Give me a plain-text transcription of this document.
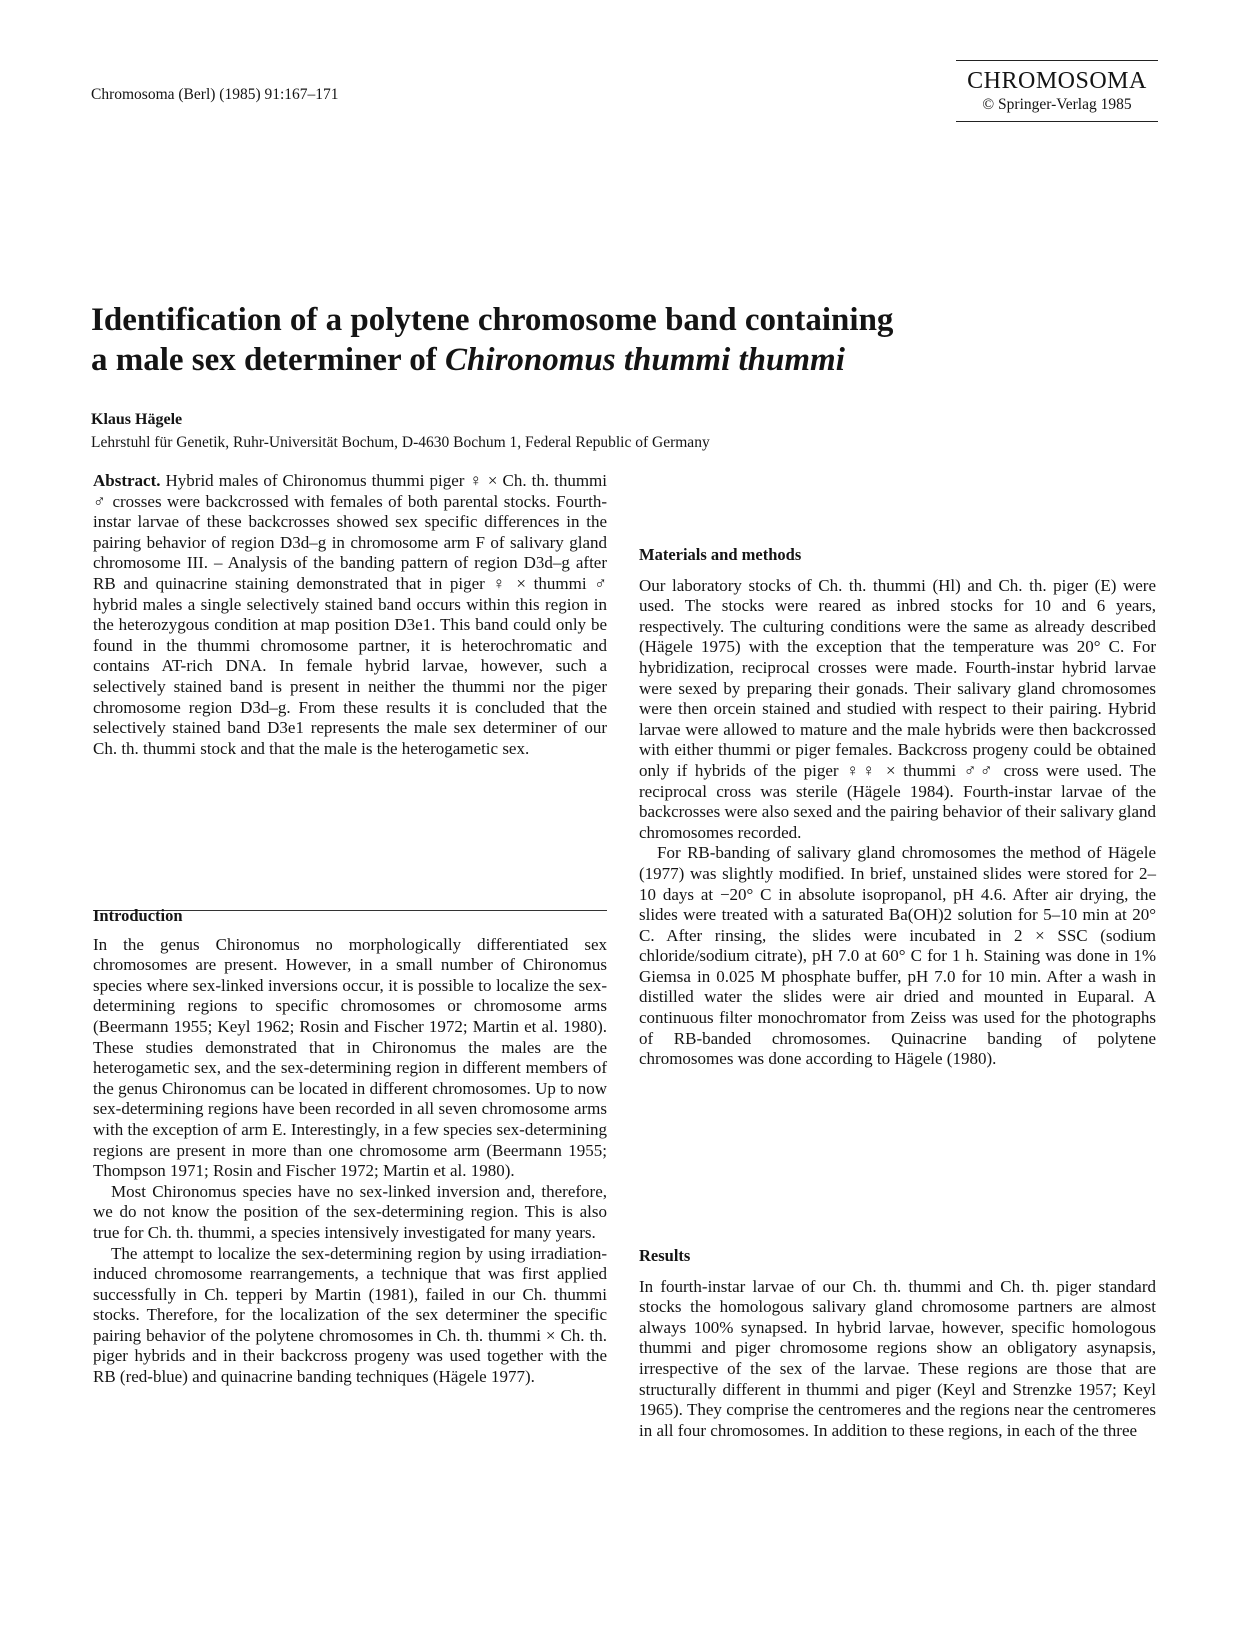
Chromosoma (Berl) (1985) 91:167–171
CHROMOSOMA
© Springer-Verlag 1985
Identification of a polytene chromosome band containing
a male sex determiner of Chironomus thummi thummi
Klaus Hägele
Lehrstuhl für Genetik, Ruhr-Universität Bochum, D-4630 Bochum 1, Federal Republic of Germany

Abstract. Hybrid males of Chironomus thummi piger ♀ × Ch. th. thummi ♂ crosses were backcrossed with females of both parental stocks. Fourth-instar larvae of these backcrosses showed sex specific differences in the pairing behavior of region D3d–g in chromosome arm F of salivary gland chromosome III. – Analysis of the banding pattern of region D3d–g after RB and quinacrine staining demonstrated that in piger ♀ × thummi ♂ hybrid males a single selectively stained band occurs within this region in the heterozygous condition at map position D3e1. This band could only be found in the thummi chromosome partner, it is heterochromatic and contains AT-rich DNA. In female hybrid larvae, however, such a selectively stained band is present in neither the thummi nor the piger chromosome region D3d–g. From these results it is concluded that the selectively stained band D3e1 represents the male sex determiner of our Ch. th. thummi stock and that the male is the heterogametic sex.

Introduction

In the genus Chironomus no morphologically differentiated sex chromosomes are present. However, in a small number of Chironomus species where sex-linked inversions occur, it is possible to localize the sex-determining regions to specific chromosomes or chromosome arms (Beermann 1955; Keyl 1962; Rosin and Fischer 1972; Martin et al. 1980). These studies demonstrated that in Chironomus the males are the heterogametic sex, and the sex-determining region in different members of the genus Chironomus can be located in different chromosomes. Up to now sex-determining regions have been recorded in all seven chromosome arms with the exception of arm E. Interestingly, in a few species sex-determining regions are present in more than one chromosome arm (Beermann 1955; Thompson 1971; Rosin and Fischer 1972; Martin et al. 1980).

Most Chironomus species have no sex-linked inversion and, therefore, we do not know the position of the sex-determining region. This is also true for Ch. th. thummi, a species intensively investigated for many years.

The attempt to localize the sex-determining region by using irradiation-induced chromosome rearrangements, a technique that was first applied successfully in Ch. tepperi by Martin (1981), failed in our Ch. thummi stocks. Therefore, for the localization of the sex determiner the specific pairing behavior of the polytene chromosomes in Ch. th. thummi × Ch. th. piger hybrids and in their backcross progeny was used together with the RB (red-blue) and quinacrine banding techniques (Hägele 1977).

Materials and methods

Our laboratory stocks of Ch. th. thummi (Hl) and Ch. th. piger (E) were used. The stocks were reared as inbred stocks for 10 and 6 years, respectively. The culturing conditions were the same as already described (Hägele 1975) with the exception that the temperature was 20° C. For hybridization, reciprocal crosses were made. Fourth-instar hybrid larvae were sexed by preparing their gonads. Their salivary gland chromosomes were then orcein stained and studied with respect to their pairing. Hybrid larvae were allowed to mature and the male hybrids were then backcrossed with either thummi or piger females. Backcross progeny could be obtained only if hybrids of the piger ♀♀ × thummi ♂♂ cross were used. The reciprocal cross was sterile (Hägele 1984). Fourth-instar larvae of the backcrosses were also sexed and the pairing behavior of their salivary gland chromosomes recorded.

For RB-banding of salivary gland chromosomes the method of Hägele (1977) was slightly modified. In brief, unstained slides were stored for 2–10 days at −20° C in absolute isopropanol, pH 4.6. After air drying, the slides were treated with a saturated Ba(OH)2 solution for 5–10 min at 20° C. After rinsing, the slides were incubated in 2 × SSC (sodium chloride/sodium citrate), pH 7.0 at 60° C for 1 h. Staining was done in 1% Giemsa in 0.025 M phosphate buffer, pH 7.0 for 10 min. After a wash in distilled water the slides were air dried and mounted in Euparal. A continuous filter monochromator from Zeiss was used for the photographs of RB-banded chromosomes. Quinacrine banding of polytene chromosomes was done according to Hägele (1980).

Results

In fourth-instar larvae of our Ch. th. thummi and Ch. th. piger standard stocks the homologous salivary gland chromosome partners are almost always 100% synapsed. In hybrid larvae, however, specific homologous thummi and piger chromosome regions show an obligatory asynapsis, irrespective of the sex of the larvae. These regions are those that are structurally different in thummi and piger (Keyl and Strenzke 1957; Keyl 1965). They comprise the centromeres and the regions near the centromeres in all four chromosomes. In addition to these regions, in each of the three
